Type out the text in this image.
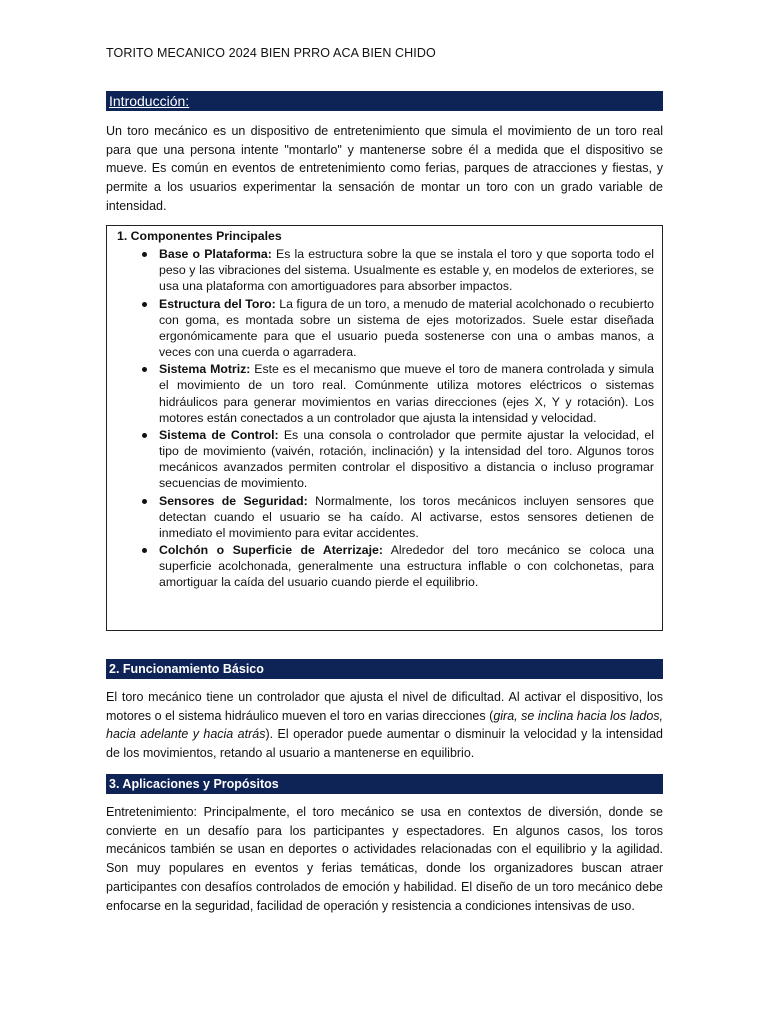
TORITO MECANICO 2024 BIEN PRRO ACA BIEN CHIDO
Introducción:

Un toro mecánico es un dispositivo de entretenimiento que simula el movimiento de un toro real para que una persona intente "montarlo" y mantenerse sobre él a medida que el dispositivo se mueve. Es común en eventos de entretenimiento como ferias, parques de atracciones y fiestas, y permite a los usuarios experimentar la sensación de montar un toro con un grado variable de intensidad.

1. Componentes Principales
Base o Plataforma: Es la estructura sobre la que se instala el toro y que soporta todo el peso y las vibraciones del sistema. Usualmente es estable y, en modelos de exteriores, se usa una plataforma con amortiguadores para absorber impactos.
Estructura del Toro: La figura de un toro, a menudo de material acolchonado o recubierto con goma, es montada sobre un sistema de ejes motorizados. Suele estar diseñada ergonómicamente para que el usuario pueda sostenerse con una o ambas manos, a veces con una cuerda o agarradera.
Sistema Motriz: Este es el mecanismo que mueve el toro de manera controlada y simula el movimiento de un toro real. Comúnmente utiliza motores eléctricos o sistemas hidráulicos para generar movimientos en varias direcciones (ejes X, Y y rotación). Los motores están conectados a un controlador que ajusta la intensidad y velocidad.
Sistema de Control: Es una consola o controlador que permite ajustar la velocidad, el tipo de movimiento (vaivén, rotación, inclinación) y la intensidad del toro. Algunos toros mecánicos avanzados permiten controlar el dispositivo a distancia o incluso programar secuencias de movimiento.
Sensores de Seguridad: Normalmente, los toros mecánicos incluyen sensores que detectan cuando el usuario se ha caído. Al activarse, estos sensores detienen de inmediato el movimiento para evitar accidentes.
Colchón o Superficie de Aterrizaje: Alrededor del toro mecánico se coloca una superficie acolchonada, generalmente una estructura inflable o con colchonetas, para amortiguar la caída del usuario cuando pierde el equilibrio.
2. Funcionamiento Básico

El toro mecánico tiene un controlador que ajusta el nivel de dificultad. Al activar el dispositivo, los motores o el sistema hidráulico mueven el toro en varias direcciones (gira, se inclina hacia los lados, hacia adelante y hacia atrás). El operador puede aumentar o disminuir la velocidad y la intensidad de los movimientos, retando al usuario a mantenerse en equilibrio.

3. Aplicaciones y Propósitos

Entretenimiento: Principalmente, el toro mecánico se usa en contextos de diversión, donde se convierte en un desafío para los participantes y espectadores. En algunos casos, los toros mecánicos también se usan en deportes o actividades relacionadas con el equilibrio y la agilidad. Son muy populares en eventos y ferias temáticas, donde los organizadores buscan atraer participantes con desafíos controlados de emoción y habilidad. El diseño de un toro mecánico debe enfocarse en la seguridad, facilidad de operación y resistencia a condiciones intensivas de uso.
